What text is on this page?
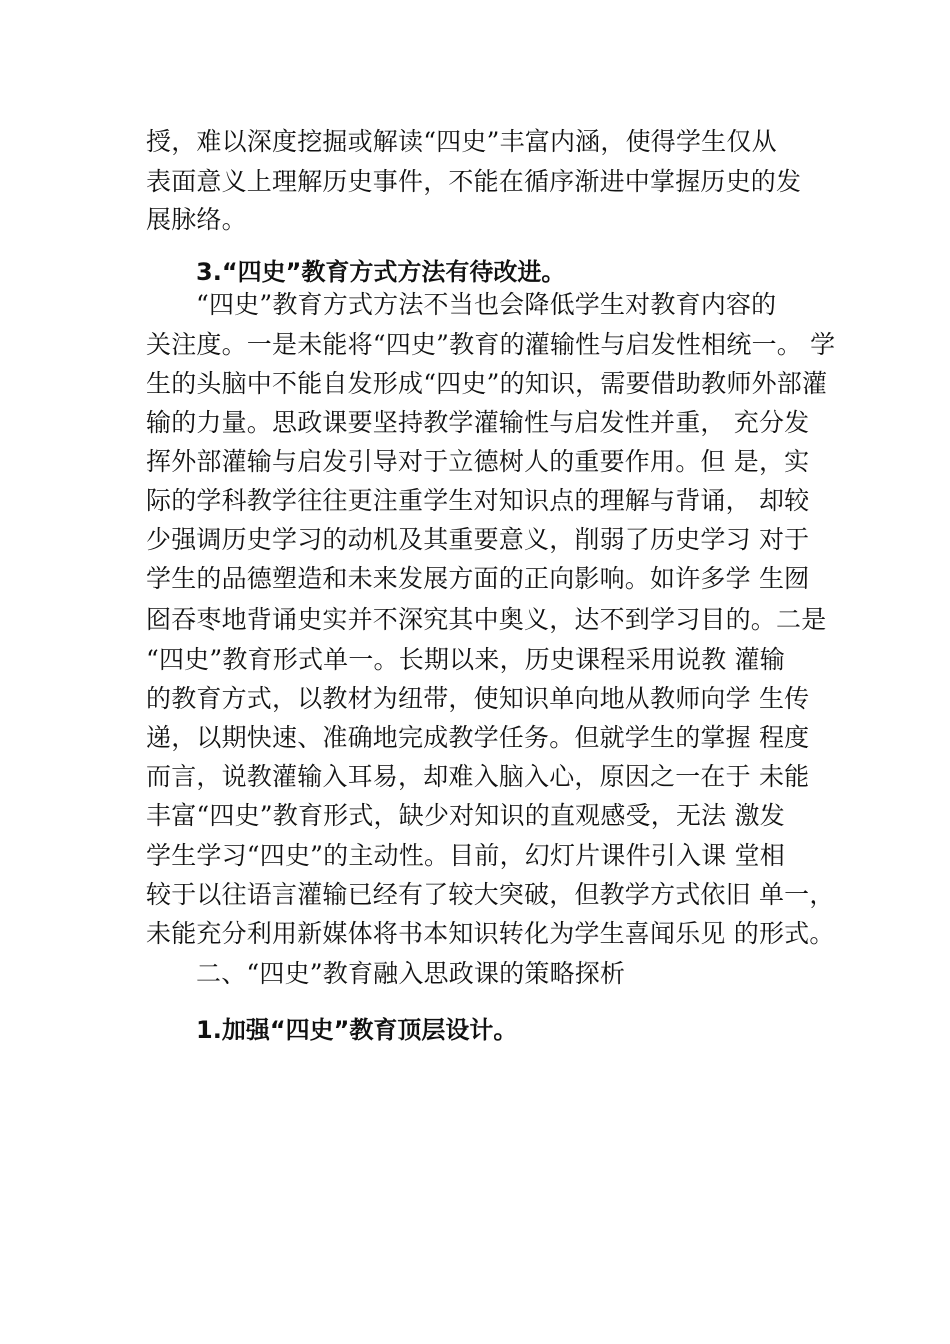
授，难以深度挖掘或解读“四史”丰富内涵，使得学生仅从
表面意义上理解历史事件，不能在循序渐进中掌握历史的发
展脉络。
3.“四史”教育方式方法有待改进。
“四史”教育方式方法不当也会降低学生对教育内容的
关注度。一是未能将“四史”教育的灌输性与启发性相统一。 学
生的头脑中不能自发形成“四史”的知识，需要借助教师外部灌
输的力量。思政课要坚持教学灌输性与启发性并重， 充分发
挥外部灌输与启发引导对于立德树人的重要作用。但 是，实
际的学科教学往往更注重学生对知识点的理解与背诵， 却较
少强调历史学习的动机及其重要意义，削弱了历史学习 对于
学生的品德塑造和未来发展方面的正向影响。如许多学 生囫
囵吞枣地背诵史实并不深究其中奥义，达不到学习目的。二是
“四史”教育形式单一。长期以来，历史课程采用说教 灌输
的教育方式，以教材为纽带，使知识单向地从教师向学 生传
递，以期快速、准确地完成教学任务。但就学生的掌握 程度
而言，说教灌输入耳易，却难入脑入心，原因之一在于 未能
丰富“四史”教育形式，缺少对知识的直观感受，无法 激发
学生学习“四史”的主动性。目前，幻灯片课件引入课 堂相
较于以往语言灌输已经有了较大突破，但教学方式依旧 单一，
未能充分利用新媒体将书本知识转化为学生喜闻乐见 的形式。
二、“四史”教育融入思政课的策略探析
1.加强“四史”教育顶层设计。
